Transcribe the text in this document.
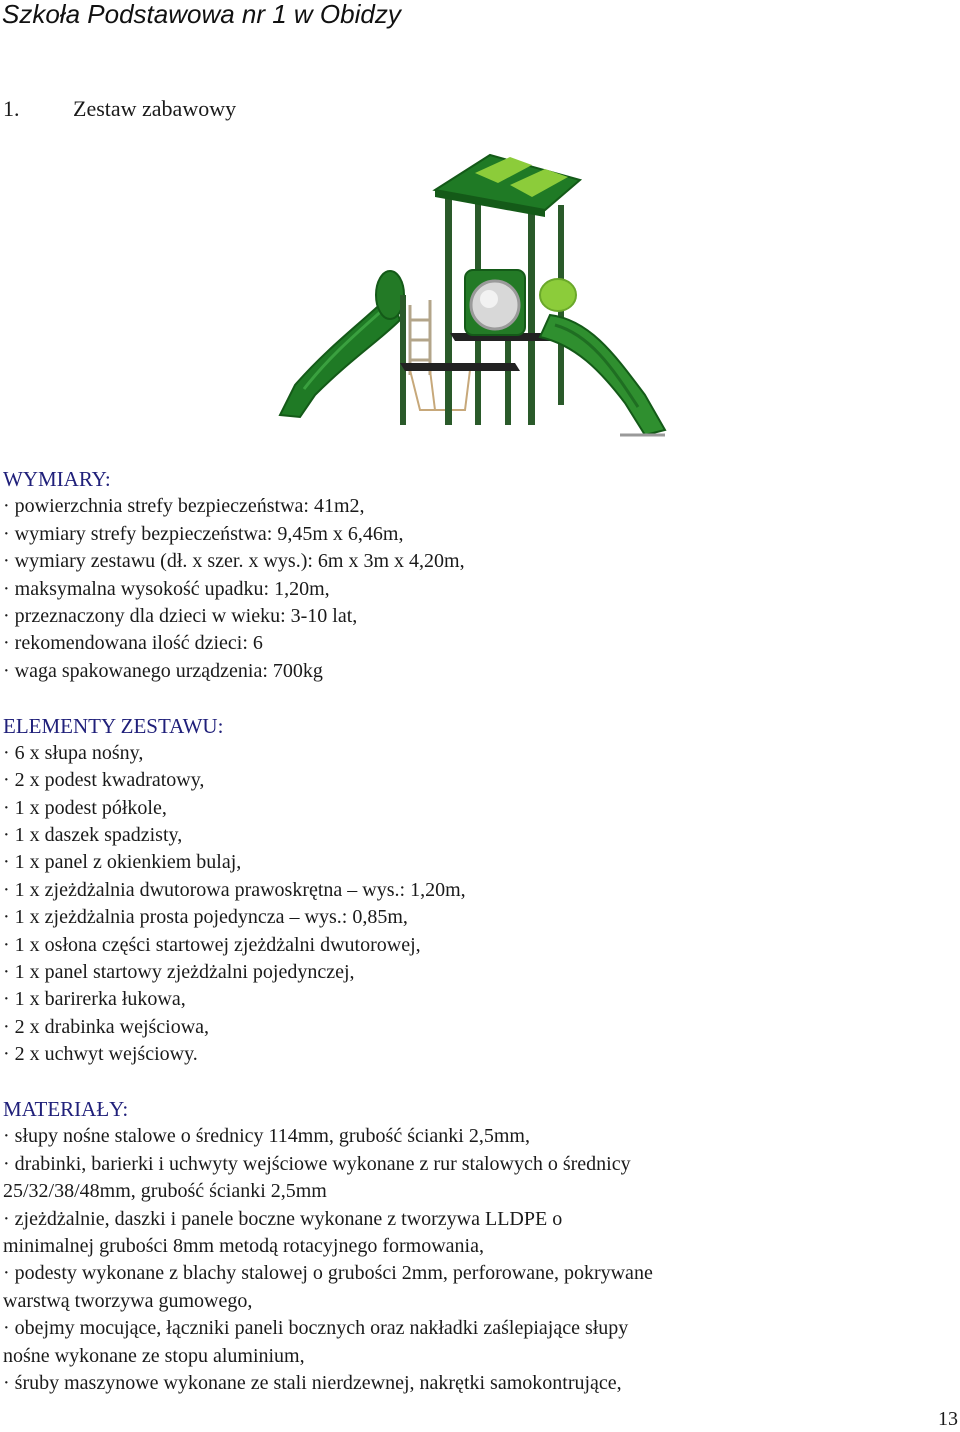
Szkoła Podstawowa nr 1 w Obidzy
1. Zestaw zabawowy
WYMIARY:
· powierzchnia strefy bezpieczeństwa: 41m2,
· wymiary strefy bezpieczeństwa: 9,45m x 6,46m,
· wymiary zestawu (dł. x szer. x wys.): 6m x 3m x 4,20m,
· maksymalna wysokość upadku: 1,20m,
· przeznaczony dla dzieci w wieku: 3-10 lat,
· rekomendowana ilość dzieci: 6
· waga spakowanego urządzenia: 700kg
ELEMENTY ZESTAWU:
· 6 x słupa nośny,
· 2 x podest kwadratowy,
· 1 x podest półkole,
· 1 x daszek spadzisty,
· 1 x panel z okienkiem bulaj,
· 1 x zjeżdżalnia dwutorowa prawoskrętna – wys.: 1,20m,
· 1 x zjeżdżalnia prosta pojedyncza – wys.: 0,85m,
· 1 x osłona części startowej zjeżdżalni dwutorowej,
· 1 x panel startowy zjeżdżalni pojedynczej,
· 1 x barirerka łukowa,
· 2 x drabinka wejściowa,
· 2 x uchwyt wejściowy.
MATERIAŁY:
· słupy nośne stalowe o średnicy 114mm, grubość ścianki 2,5mm,
· drabinki, barierki i uchwyty wejściowe wykonane z rur stalowych o średnicy
25/32/38/48mm, grubość ścianki 2,5mm
· zjeżdżalnie, daszki i panele boczne wykonane z tworzywa LLDPE o
minimalnej grubości 8mm metodą rotacyjnego formowania,
· podesty wykonane z blachy stalowej o grubości 2mm, perforowane, pokrywane
warstwą tworzywa gumowego,
· obejmy mocujące, łączniki paneli bocznych oraz nakładki zaślepiające słupy
nośne wykonane ze stopu aluminium,
· śruby maszynowe wykonane ze stali nierdzewnej, nakrętki samokontrujące,
13
